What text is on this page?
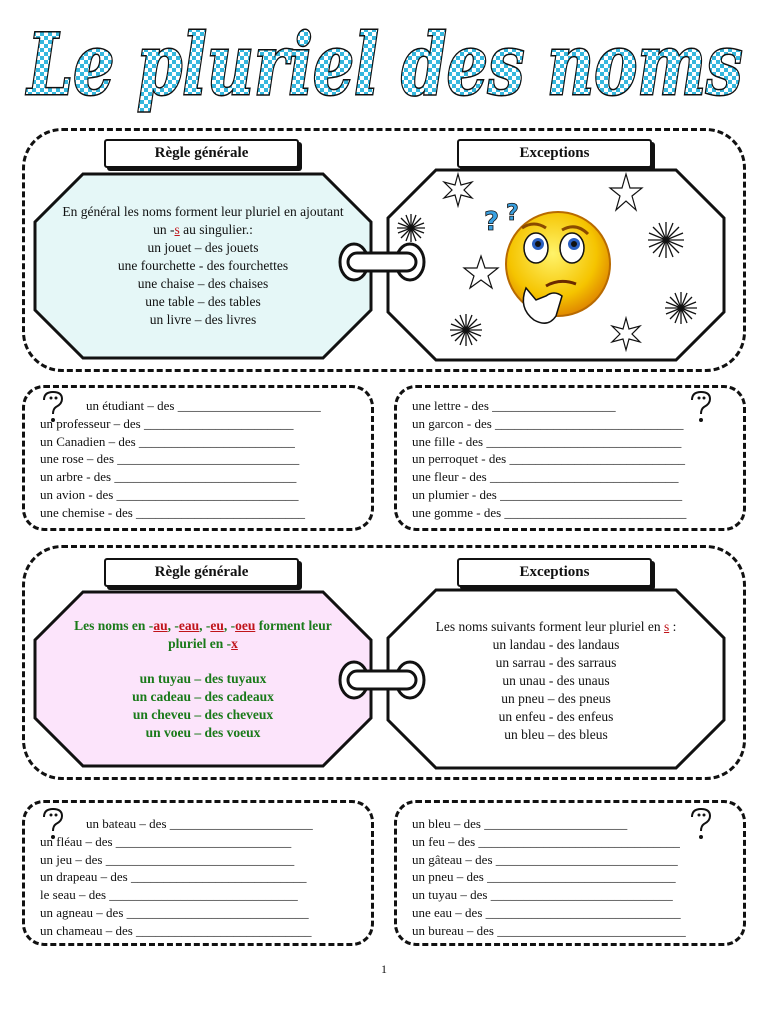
Le pluriel des noms
Règle générale	Exceptions
En général les noms forment leur pluriel en ajoutant un -s au singulier.:
un jouet – des jouets
une fourchette - des fourchettes
une chaise – des chaises
une table – des tables
un livre – des livres
? ?
un étudiant – des ______________________
un professeur – des _______________________
un Canadien – des ________________________
une rose – des ____________________________
un arbre - des ____________________________
un avion - des ____________________________
une chemise - des __________________________
une lettre - des ___________________
un garcon - des _____________________________
une fille - des ______________________________
un perroquet - des ___________________________
une fleur - des _____________________________
un plumier - des ____________________________
une gomme - des ____________________________
Règle générale	Exceptions
Les noms en -au, -eau, -eu, -oeu forment leur pluriel en -x
un tuyau – des tuyaux
un cadeau – des cadeaux
un cheveu – des cheveux
un voeu – des voeux
Les noms suivants forment leur pluriel en s :
un landau - des landaus
un sarrau - des sarraus
un unau - des unaus
un pneu – des pneus
un enfeu - des enfeus
un bleu – des bleus
un bateau – des ______________________
un fléau – des ___________________________
un jeu – des _____________________________
un drapeau – des ___________________________
le seau – des _____________________________
un agneau – des ____________________________
un chameau – des ___________________________
un bleu – des ______________________
un feu – des _______________________________
un gâteau – des ____________________________
un pneu – des _____________________________
un tuyau – des ____________________________
une eau – des ______________________________
un bureau – des _____________________________
1
